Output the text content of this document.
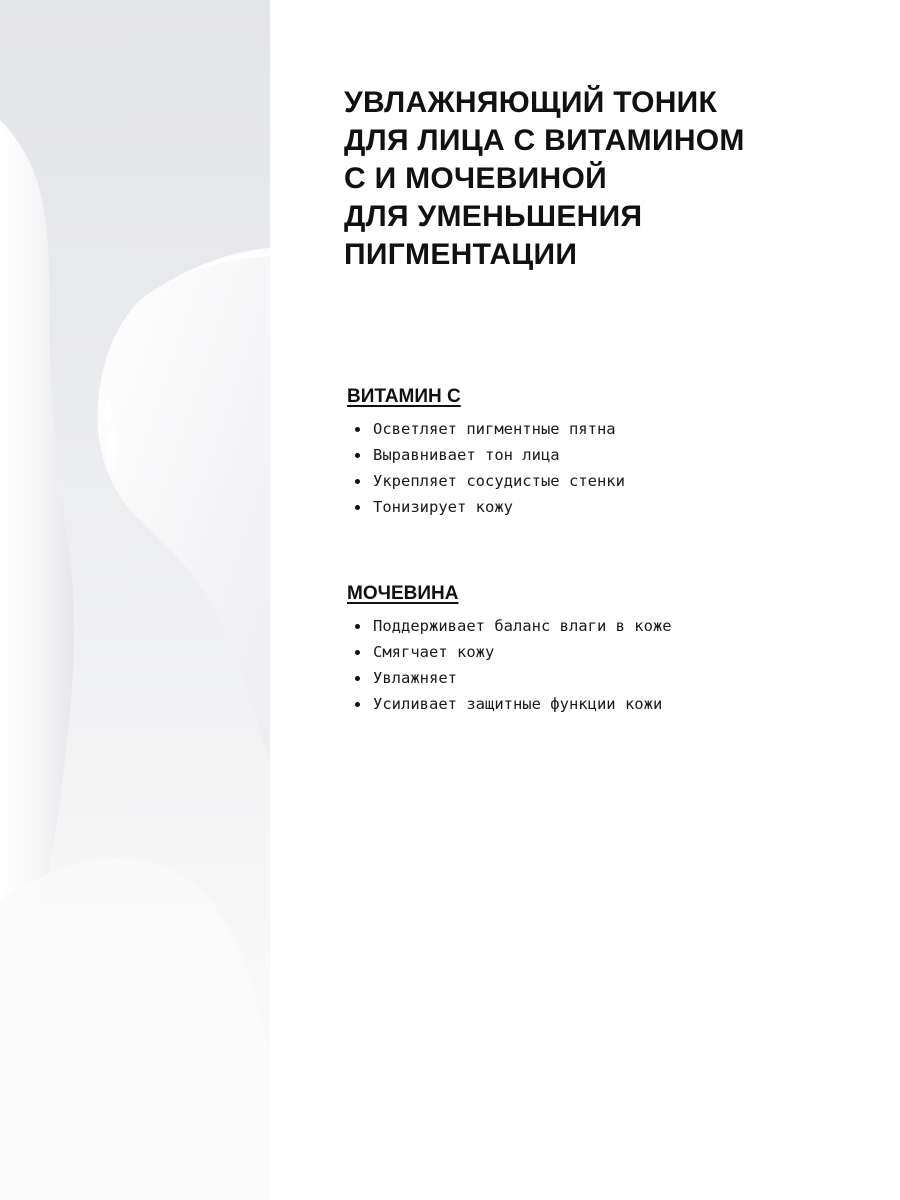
УВЛАЖНЯЮЩИЙ ТОНИК
ДЛЯ ЛИЦА С ВИТАМИНОМ
С И МОЧЕВИНОЙ
ДЛЯ УМЕНЬШЕНИЯ
ПИГМЕНТАЦИИ
ВИТАМИН С
Осветляет пигментные пятна
Выравнивает тон лица
Укрепляет сосудистые стенки
Тонизирует кожу
МОЧЕВИНА
Поддерживает баланс влаги в коже
Смягчает кожу
Увлажняет
Усиливает защитные функции кожи
